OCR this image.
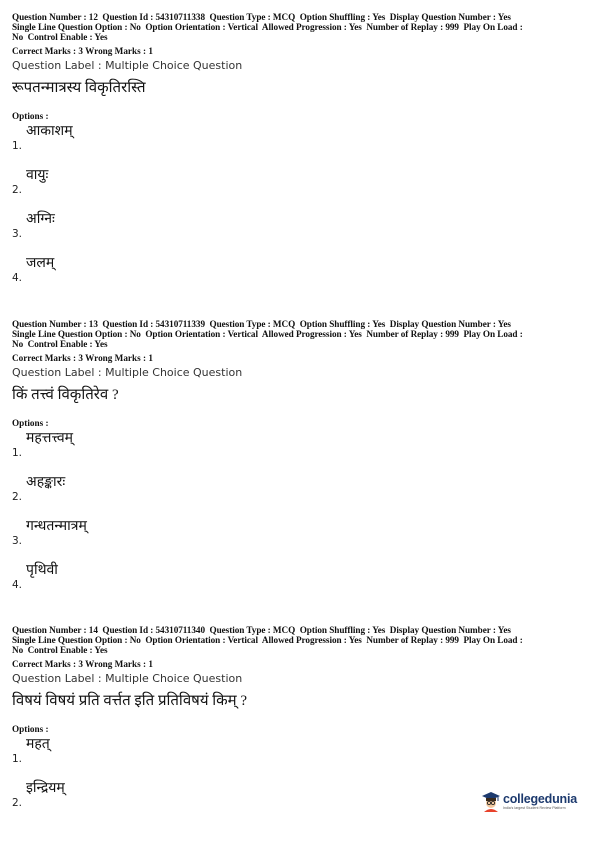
Question Number : 12  Question Id : 54310711338  Question Type : MCQ  Option Shuffling : Yes  Display Question Number : Yes
Single Line Question Option : No  Option Orientation : Vertical  Allowed Progression : Yes  Number of Replay : 999  Play On Load :
No  Control Enable : Yes
Correct Marks : 3 Wrong Marks : 1
Question Label : Multiple Choice Question
रूपतन्मात्रस्य विकृतिरस्ति
Options :
आकाशम्
1.
वायुः
2.
अग्निः
3.
जलम्
4.
Question Number : 13  Question Id : 54310711339  Question Type : MCQ  Option Shuffling : Yes  Display Question Number : Yes
Single Line Question Option : No  Option Orientation : Vertical  Allowed Progression : Yes  Number of Replay : 999  Play On Load :
No  Control Enable : Yes
Correct Marks : 3 Wrong Marks : 1
Question Label : Multiple Choice Question
किं तत्त्वं विकृतिरेव ?
Options :
महत्तत्त्वम्
1.
अहङ्कारः
2.
गन्धतन्मात्रम्
3.
पृथिवी
4.
Question Number : 14  Question Id : 54310711340  Question Type : MCQ  Option Shuffling : Yes  Display Question Number : Yes
Single Line Question Option : No  Option Orientation : Vertical  Allowed Progression : Yes  Number of Replay : 999  Play On Load :
No  Control Enable : Yes
Correct Marks : 3 Wrong Marks : 1
Question Label : Multiple Choice Question
विषयं विषयं प्रति वर्त्तत इति प्रतिविषयं किम् ?
Options :
महत्
1.
इन्द्रियम्
2.	collegedunia
India's largest Student Review Platform
